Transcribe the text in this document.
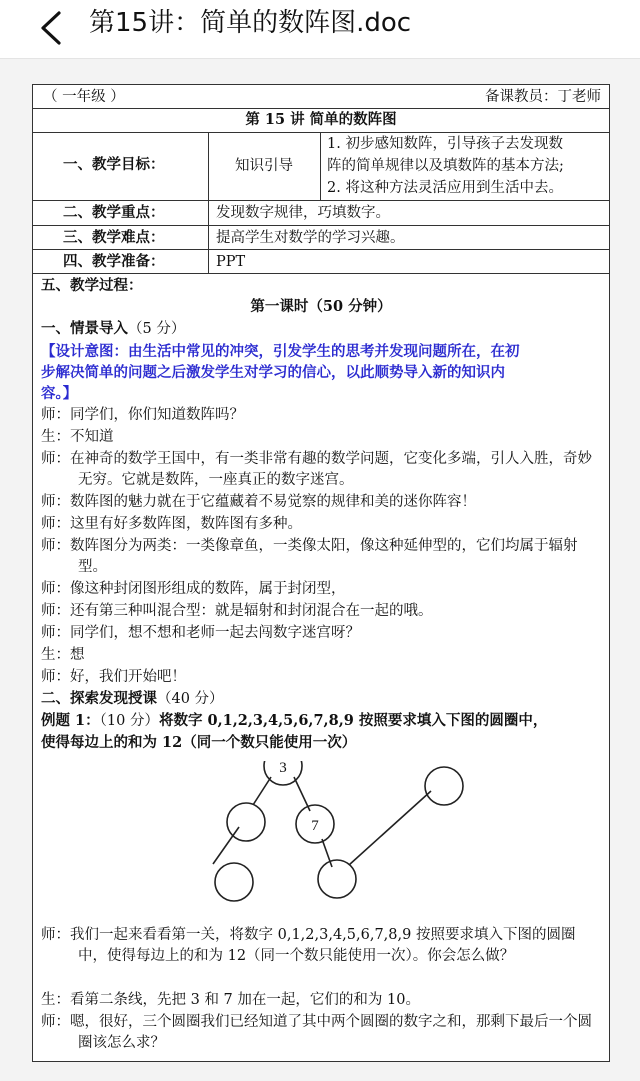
第15讲：简单的数阵图.doc
（ 一年级 ）	备课教员：丁老师
第 15 讲 简单的数阵图
一、教学目标：	知识引导
1. 初步感知数阵，引导孩子去发现数
阵的简单规律以及填数阵的基本方法;
2. 将这种方法灵活应用到生活中去。
二、教学重点：	发现数字规律，巧填数字。
三、教学难点：	提高学生对数学的学习兴趣。
四、教学准备：	PPT
五、教学过程：
第一课时（50 分钟）
一、情景导入（5 分）
【设计意图：由生活中常见的冲突，引发学生的思考并发现问题所在，在初
步解决简单的问题之后激发学生对学习的信心，以此顺势导入新的知识内
容。】
师：同学们，你们知道数阵吗？
生：不知道
师：在神奇的数学王国中，有一类非常有趣的数学问题，它变化多端，引人入胜，奇妙无穷。它就是数阵，一座真正的数字迷宫。
师：数阵图的魅力就在于它蕴藏着不易觉察的规律和美的迷你阵容！
师：这里有好多数阵图，数阵图有多种。
师：数阵图分为两类：一类像章鱼，一类像太阳，像这种延伸型的，它们均属于辐射型。
师：像这种封闭图形组成的数阵，属于封闭型，
师：还有第三种叫混合型：就是辐射和封闭混合在一起的哦。
师：同学们，想不想和老师一起去闯数字迷宫呀？
生：想
师：好，我们开始吧！
二、探索发现授课（40 分）
例题 1：（10 分）将数字 0,1,2,3,4,5,6,7,8,9 按照要求填入下图的圆圈中，
使得每边上的和为 12（同一个数只能使用一次）
3
7
师：我们一起来看看第一关，将数字 0,1,2,3,4,5,6,7,8,9 按照要求填入下图的圆圈中，使得每边上的和为 12（同一个数只能使用一次）。你会怎么做？
生：看第二条线，先把 3 和 7 加在一起，它们的和为 10。
师：嗯，很好，三个圆圈我们已经知道了其中两个圆圈的数字之和，那剩下最后一个圆圈该怎么求？
